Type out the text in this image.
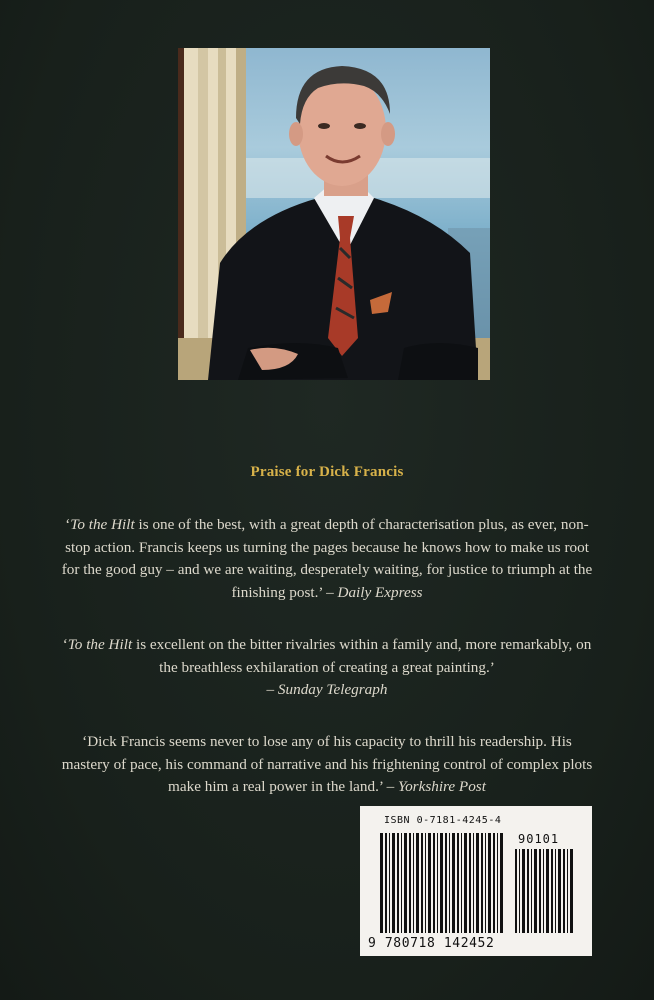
Praise for Dick Francis
‘To the Hilt is one of the best, with a great depth of characterisation plus, as ever, non-stop action. Francis keeps us turning the pages because he knows how to make us root for the good guy – and we are waiting, desperately waiting, for justice to triumph at the finishing post.’ – Daily Express
‘To the Hilt is excellent on the bitter rivalries within a family and, more remarkably, on the breathless exhilaration of creating a great painting.’
– Sunday Telegraph
‘Dick Francis seems never to lose any of his capacity to thrill his readership. His mastery of pace, his command of narrative and his frightening control of complex plots make him a real power in the land.’ – Yorkshire Post
ISBN 0-7181-4245-4
90101
9 780718 142452
